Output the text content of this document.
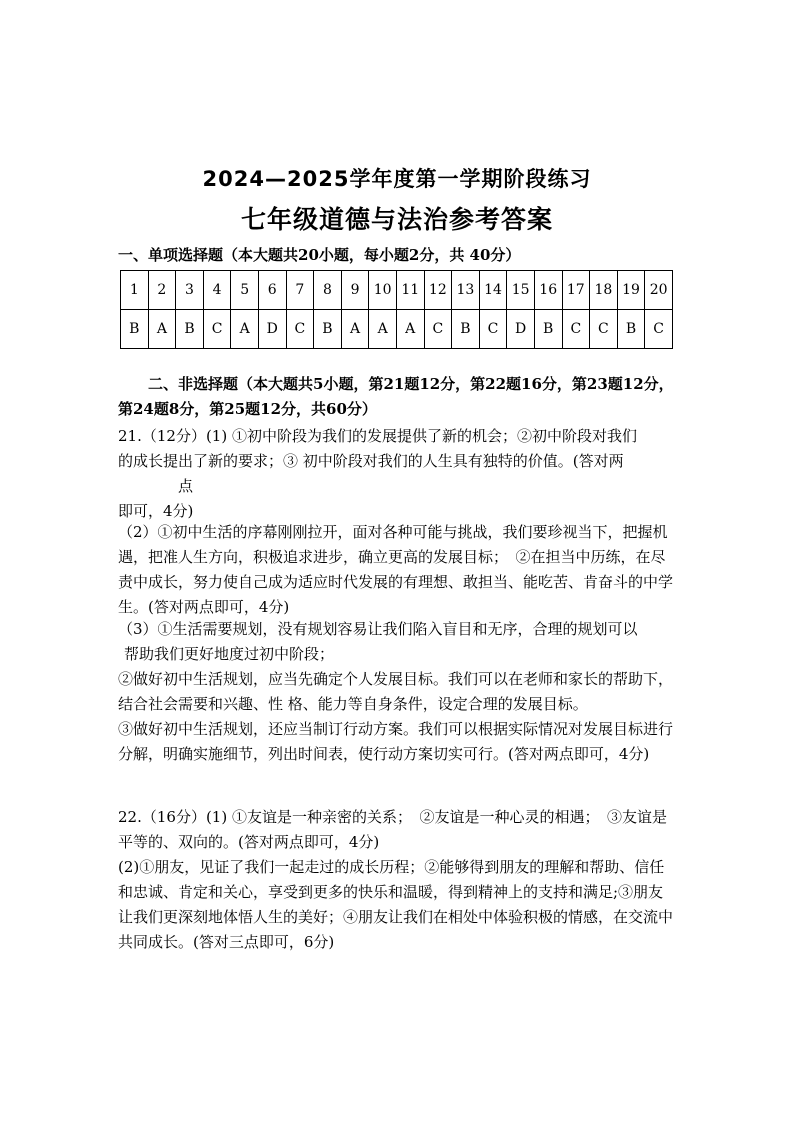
2024—2025学年度第一学期阶段练习
七年级道德与法治参考答案
一、单项选择题（本大题共20小题，每小题2分，共 40分）
1	2	3	4	5	6	7	8	9	10	11	12	13	14	15	16	17	18	19	20
B	A	B	C	A	D	C	B	A	A	A	C	B	C	D	B	C	C	B	C
二、非选择题（本大题共5小题，第21题12分，第22题16分，第23题12分，第24题8分，第25题12分，共60分）

21.（12分）(1) ①初中阶段为我们的发展提供了新的机会；②初中阶段对我们

的成长提出了新的要求；③ 初中阶段对我们的人生具有独特的价值。(答对两

点

即可，4分)

（2）①初中生活的序幕刚刚拉开，面对各种可能与挑战，我们要珍视当下，把握机遇，把准人生方向，积极追求进步，确立更高的发展目标；　②在担当中历练，在尽责中成长，努力使自己成为适应时代发展的有理想、敢担当、能吃苦、肯奋斗的中学生。(答对两点即可，4分)

（3）①生活需要规划，没有规划容易让我们陷入盲目和无序，合理的规划可以

帮助我们更好地度过初中阶段；

②做好初中生活规划，应当先确定个人发展目标。我们可以在老师和家长的帮助下，结合社会需要和兴趣、性 格、能力等自身条件，设定合理的发展目标。

③做好初中生活规划，还应当制订行动方案。我们可以根据实际情况对发展目标进行分解，明确实施细节，列出时间表，使行动方案切实可行。(答对两点即可，4分)

22.（16分）(1) ①友谊是一种亲密的关系；　②友谊是一种心灵的相遇；　③友谊是平等的、双向的。(答对两点即可，4分)

(2)①朋友，见证了我们一起走过的成长历程；②能够得到朋友的理解和帮助、信任和忠诚、肯定和关心，享受到更多的快乐和温暖，得到精神上的支持和满足;③朋友让我们更深刻地体悟人生的美好；④朋友让我们在相处中体验积极的情感，在交流中共同成长。(答对三点即可，6分)
